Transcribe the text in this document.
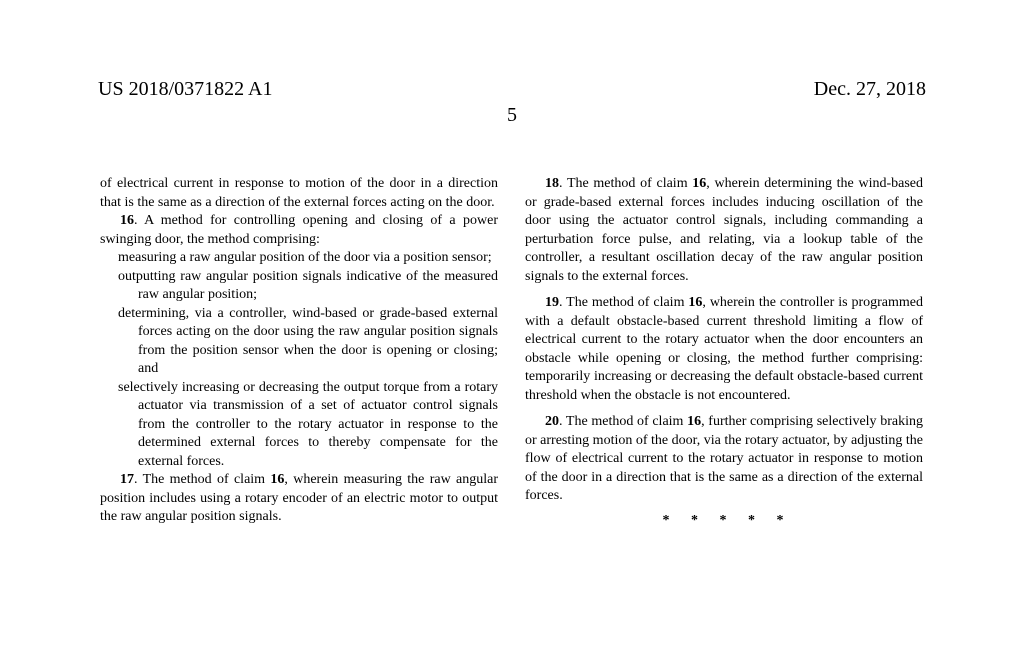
US 2018/0371822 A1	Dec. 27, 2018
5

of electrical current in response to motion of the door in a direction that is the same as a direction of the external forces acting on the door.

16. A method for controlling opening and closing of a power swinging door, the method comprising:

measuring a raw angular position of the door via a position sensor;

outputting raw angular position signals indicative of the measured raw angular position;

determining, via a controller, wind-based or grade-based external forces acting on the door using the raw angular position signals from the position sensor when the door is opening or closing; and

selectively increasing or decreasing the output torque from a rotary actuator via transmission of a set of actuator control signals from the controller to the rotary actuator in response to the determined external forces to thereby compensate for the external forces.

17. The method of claim 16, wherein measuring the raw angular position includes using a rotary encoder of an electric motor to output the raw angular position signals.

18. The method of claim 16, wherein determining the wind-based or grade-based external forces includes inducing oscillation of the door using the actuator control signals, including commanding a perturbation force pulse, and relating, via a lookup table of the controller, a resultant oscillation decay of the raw angular position signals to the external forces.

19. The method of claim 16, wherein the controller is programmed with a default obstacle-based current threshold limiting a flow of electrical current to the rotary actuator when the door encounters an obstacle while opening or closing, the method further comprising: temporarily increasing or decreasing the default obstacle-based current threshold when the obstacle is not encountered.

20. The method of claim 16, further comprising selectively braking or arresting motion of the door, via the rotary actuator, by adjusting the flow of electrical current to the rotary actuator in response to motion of the door in a direction that is the same as a direction of the external forces.

* * * * *
